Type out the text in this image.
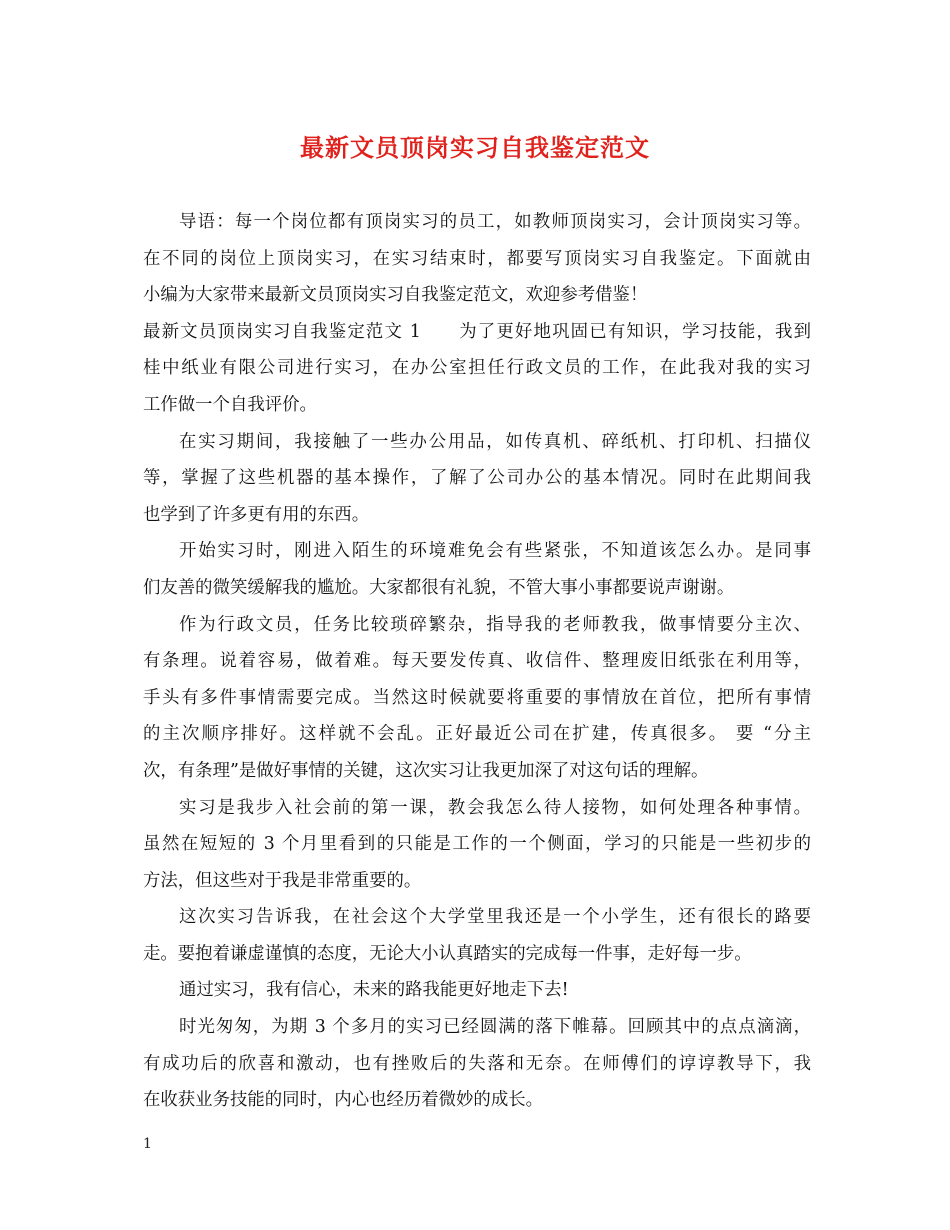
最新文员顶岗实习自我鉴定范文
导语：每一个岗位都有顶岗实习的员工，如教师顶岗实习，会计顶岗实习等。
在不同的岗位上顶岗实习，在实习结束时，都要写顶岗实习自我鉴定。下面就由
小编为大家带来最新文员顶岗实习自我鉴定范文，欢迎参考借鉴！
最新文员顶岗实习自我鉴定范文 1　　为了更好地巩固已有知识，学习技能，我到
桂中纸业有限公司进行实习，在办公室担任行政文员的工作，在此我对我的实习
工作做一个自我评价。
在实习期间，我接触了一些办公用品，如传真机、碎纸机、打印机、扫描仪
等，掌握了这些机器的基本操作，了解了公司办公的基本情况。同时在此期间我
也学到了许多更有用的东西。
开始实习时，刚进入陌生的环境难免会有些紧张，不知道该怎么办。是同事
们友善的微笑缓解我的尴尬。大家都很有礼貌，不管大事小事都要说声谢谢。
作为行政文员，任务比较琐碎繁杂，指导我的老师教我，做事情要分主次、
有条理。说着容易，做着难。每天要发传真、收信件、整理废旧纸张在利用等，
手头有多件事情需要完成。当然这时候就要将重要的事情放在首位，把所有事情
的主次顺序排好。这样就不会乱。正好最近公司在扩建，传真很多。 要 “分主
次，有条理”是做好事情的关键，这次实习让我更加深了对这句话的理解。
实习是我步入社会前的第一课，教会我怎么待人接物，如何处理各种事情。
虽然在短短的 3 个月里看到的只能是工作的一个侧面，学习的只能是一些初步的
方法，但这些对于我是非常重要的。
这次实习告诉我，在社会这个大学堂里我还是一个小学生，还有很长的路要
走。要抱着谦虚谨慎的态度，无论大小认真踏实的完成每一件事，走好每一步。
通过实习，我有信心，未来的路我能更好地走下去!
时光匆匆，为期 3 个多月的实习已经圆满的落下帷幕。回顾其中的点点滴滴，
有成功后的欣喜和激动，也有挫败后的失落和无奈。在师傅们的谆谆教导下，我
在收获业务技能的同时，内心也经历着微妙的成长。
1
